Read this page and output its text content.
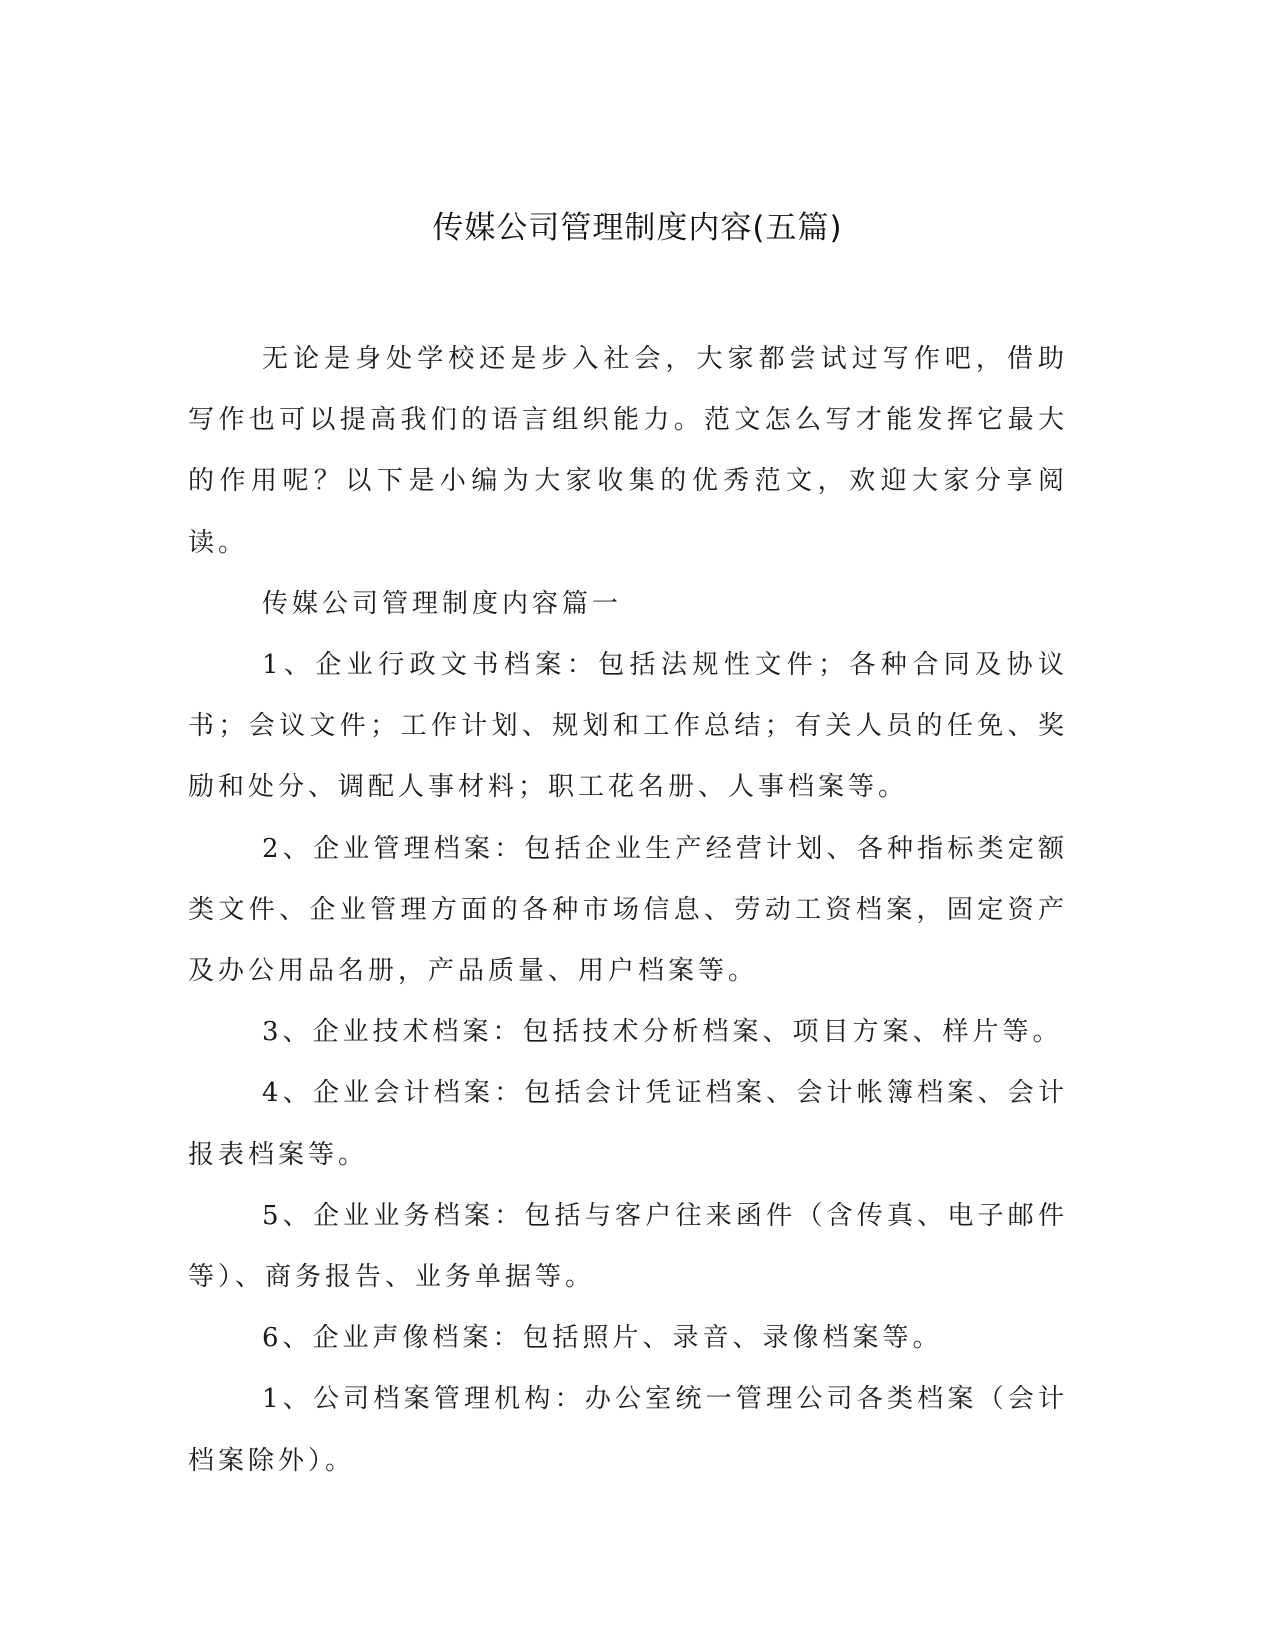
传媒公司管理制度内容(五篇)

无论是身处学校还是步入社会，大家都尝试过写作吧，借助写作也可以提高我们的语言组织能力。范文怎么写才能发挥它最大的作用呢？以下是小编为大家收集的优秀范文，欢迎大家分享阅读。

传媒公司管理制度内容篇一

1、企业行政文书档案：包括法规性文件；各种合同及协议书；会议文件；工作计划、规划和工作总结；有关人员的任免、奖励和处分、调配人事材料；职工花名册、人事档案等。

2、企业管理档案：包括企业生产经营计划、各种指标类定额类文件、企业管理方面的各种市场信息、劳动工资档案，固定资产及办公用品名册，产品质量、用户档案等。

3、企业技术档案：包括技术分析档案、项目方案、样片等。

4、企业会计档案：包括会计凭证档案、会计帐簿档案、会计报表档案等。

5、企业业务档案：包括与客户往来函件（含传真、电子邮件等）、商务报告、业务单据等。

6、企业声像档案：包括照片、录音、录像档案等。

1、公司档案管理机构：办公室统一管理公司各类档案（会计档案除外）。
